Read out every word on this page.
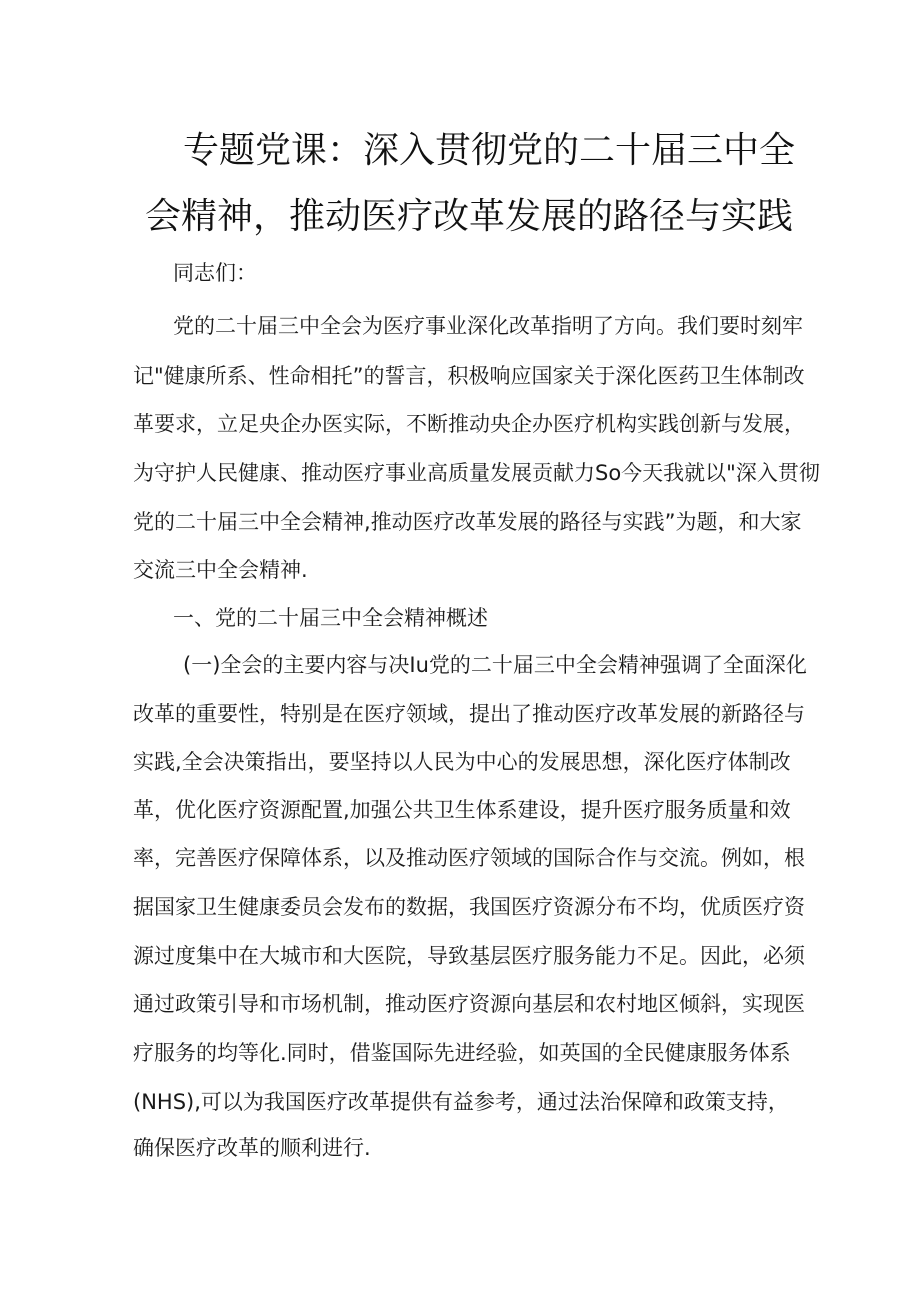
专题党课：深入贯彻党的二十届三中全
会精神，推动医疗改革发展的路径与实践
同志们：
党的二十届三中全会为医疗事业深化改革指明了方向。我们要时刻牢
记"健康所系、性命相托”的誓言，积极响应国家关于深化医药卫生体制改
革要求，立足央企办医实际，不断推动央企办医疗机构实践创新与发展，
为守护人民健康、推动医疗事业高质量发展贡献力So今天我就以"深入贯彻
党的二十届三中全会精神,推动医疗改革发展的路径与实践”为题，和大家
交流三中全会精神.
一、党的二十届三中全会精神概述
(一)全会的主要内容与决Iu党的二十届三中全会精神强调了全面深化
改革的重要性，特别是在医疗领域，提出了推动医疗改革发展的新路径与
实践,全会决策指出，要坚持以人民为中心的发展思想，深化医疗体制改
革，优化医疗资源配置,加强公共卫生体系建设，提升医疗服务质量和效
率，完善医疗保障体系，以及推动医疗领域的国际合作与交流。例如，根
据国家卫生健康委员会发布的数据，我国医疗资源分布不均，优质医疗资
源过度集中在大城市和大医院，导致基层医疗服务能力不足。因此，必须
通过政策引导和市场机制，推动医疗资源向基层和农村地区倾斜，实现医
疗服务的均等化.同时，借鉴国际先进经验，如英国的全民健康服务体系
(NHS),可以为我国医疗改革提供有益参考，通过法治保障和政策支持，
确保医疗改革的顺利进行.
